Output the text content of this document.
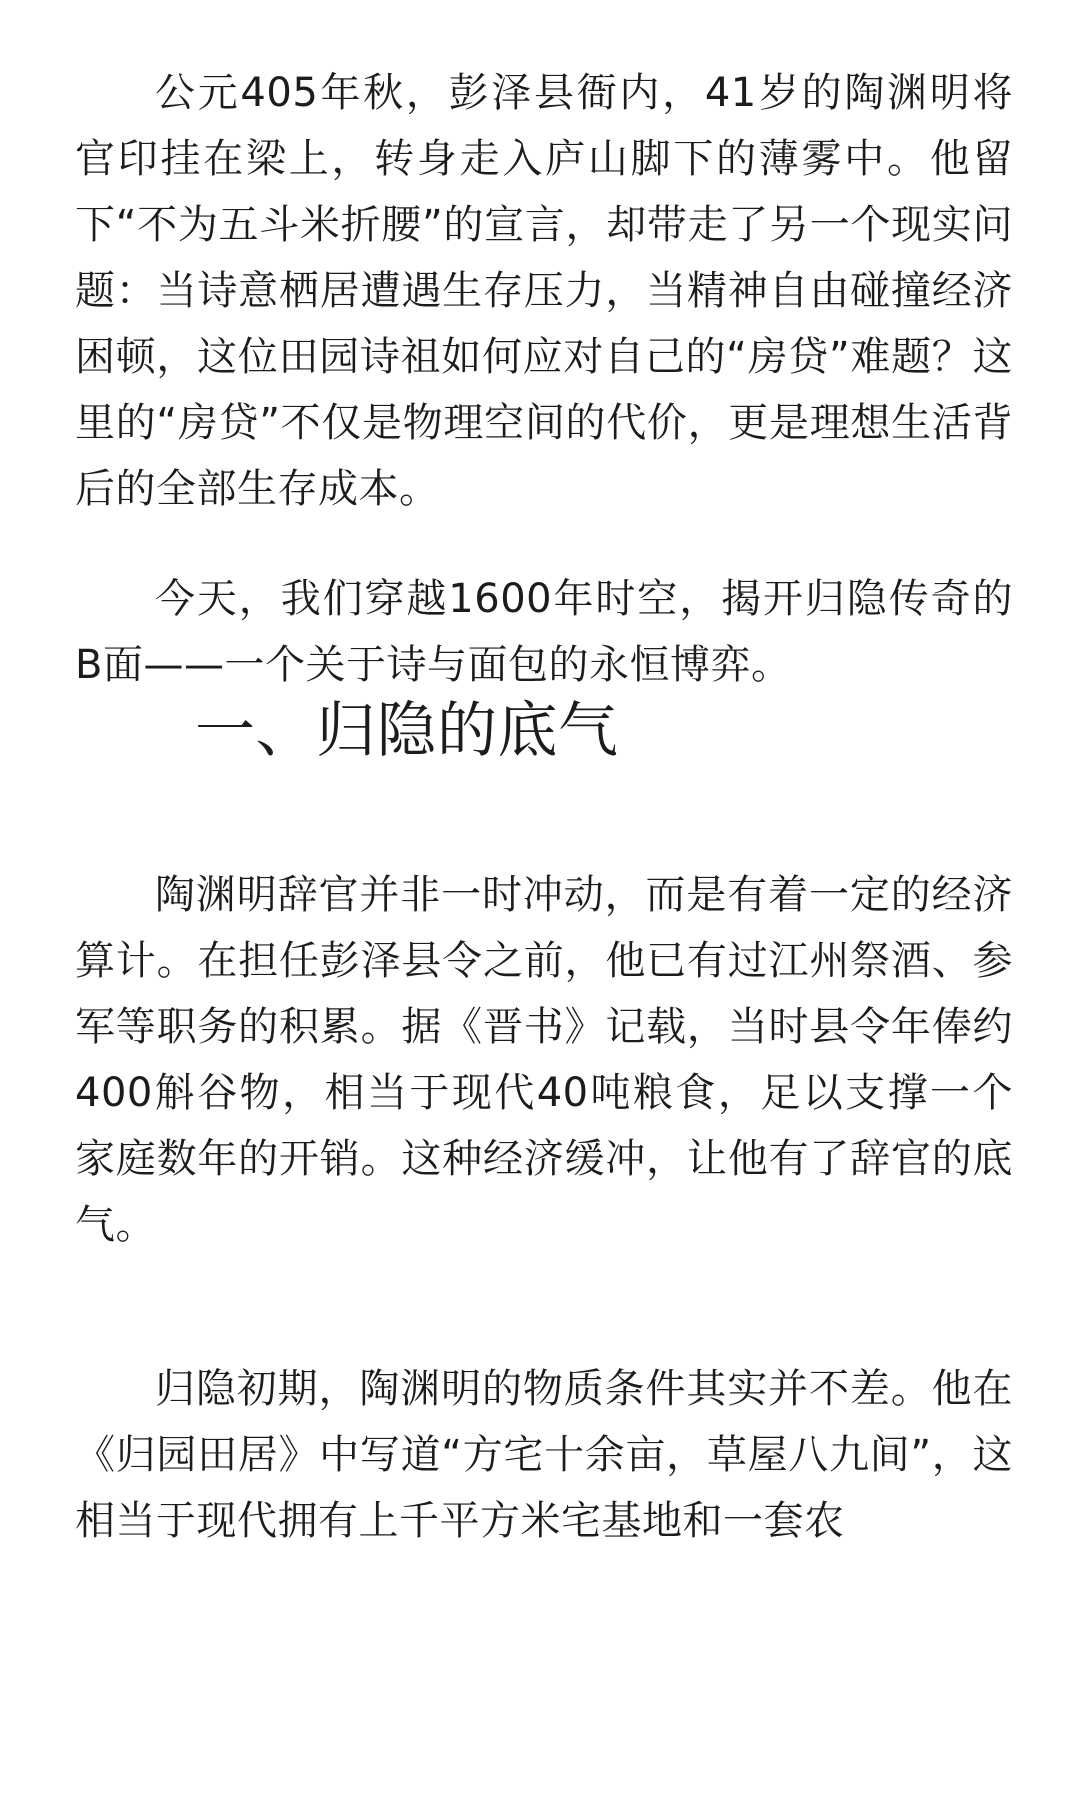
公元405年秋，彭泽县衙内，41岁的陶渊明将官印挂在梁上，转身走入庐山脚下的薄雾中。他留下“不为五斗米折腰”的宣言，却带走了另一个现实问题：当诗意栖居遭遇生存压力，当精神自由碰撞经济困顿，这位田园诗祖如何应对自己的“房贷”难题？这里的“房贷”不仅是物理空间的代价，更是理想生活背后的全部生存成本。

今天，我们穿越1600年时空，揭开归隐传奇的B面——一个关于诗与面包的永恒博弈。

一、归隐的底气

陶渊明辞官并非一时冲动，而是有着一定的经济算计。在担任彭泽县令之前，他已有过江州祭酒、参军等职务的积累。据《晋书》记载，当时县令年俸约400斛谷物，相当于现代40吨粮食，足以支撑一个家庭数年的开销。这种经济缓冲，让他有了辞官的底气。

归隐初期，陶渊明的物质条件其实并不差。他在《归园田居》中写道“方宅十余亩，草屋八九间”，这相当于现代拥有上千平方米宅基地和一套农
